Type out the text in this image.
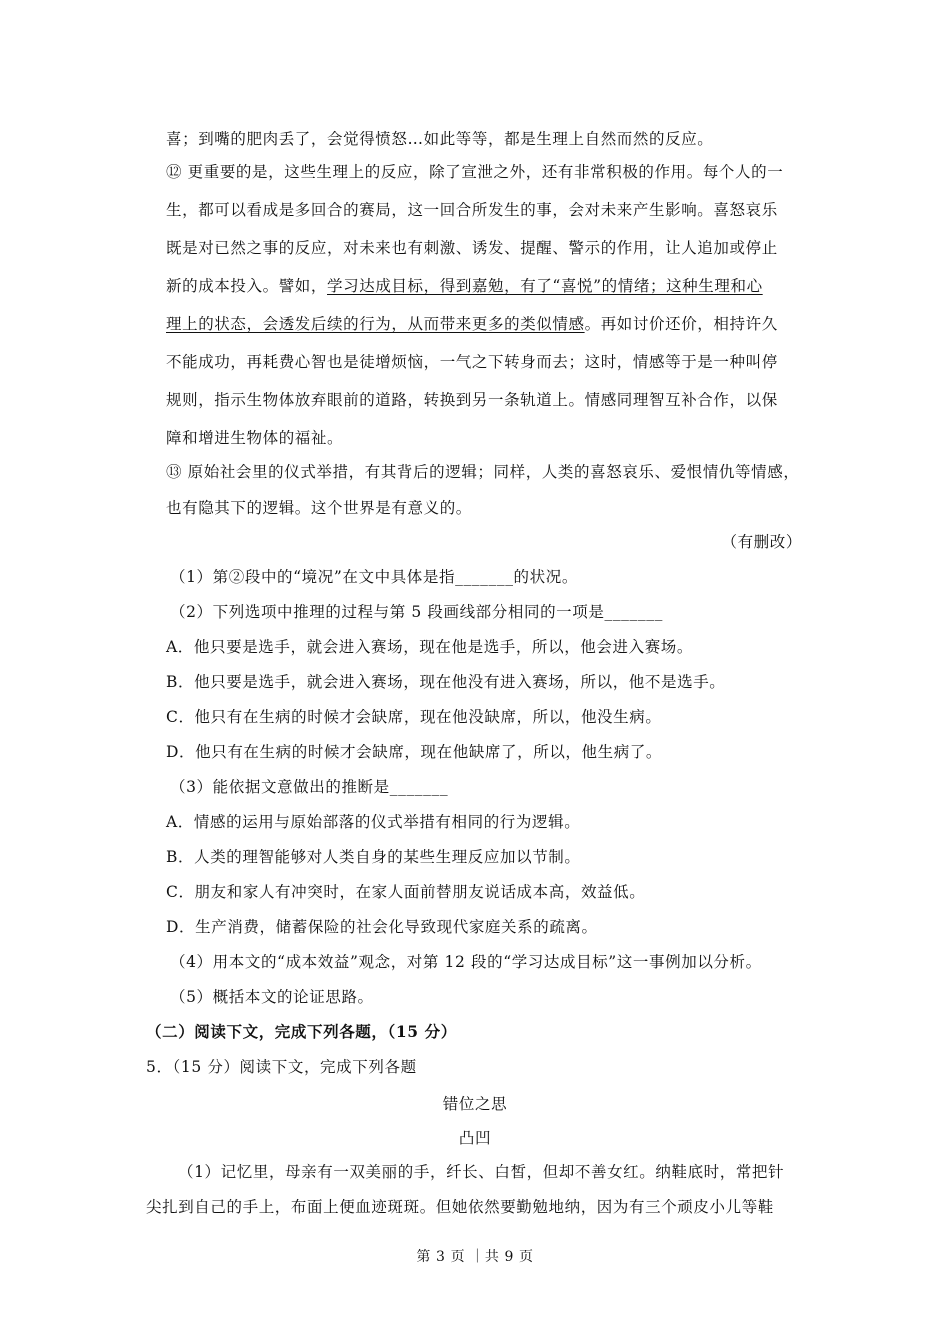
喜；到嘴的肥肉丢了，会觉得愤怒…如此等等，都是生理上自然而然的反应。
⑫ 更重要的是，这些生理上的反应，除了宣泄之外，还有非常积极的作用。每个人的一
生，都可以看成是多回合的赛局，这一回合所发生的事，会对未来产生影响。喜怒哀乐
既是对已然之事的反应，对未来也有刺激、诱发、提醒、警示的作用，让人追加或停止
新的成本投入。譬如，学习达成目标，得到嘉勉，有了“喜悦”的情绪；这种生理和心
理上的状态，会透发后续的行为，从而带来更多的类似情感。再如讨价还价，相持许久
不能成功，再耗费心智也是徒增烦恼，一气之下转身而去；这时，情感等于是一种叫停
规则，指示生物体放弃眼前的道路，转换到另一条轨道上。情感同理智互补合作，以保
障和增进生物体的福祉。
⑬ 原始社会里的仪式举措，有其背后的逻辑；同样，人类的喜怒哀乐、爱恨情仇等情感，
也有隐其下的逻辑。这个世界是有意义的。
（有删改）
（1）第②段中的“境况”在文中具体是指_______的状况。
（2）下列选项中推理的过程与第 5 段画线部分相同的一项是_______
A．他只要是选手，就会进入赛场，现在他是选手，所以，他会进入赛场。
B．他只要是选手，就会进入赛场，现在他没有进入赛场，所以，他不是选手。
C．他只有在生病的时候才会缺席，现在他没缺席，所以，他没生病。
D．他只有在生病的时候才会缺席，现在他缺席了，所以，他生病了。
（3）能依据文意做出的推断是_______
A．情感的运用与原始部落的仪式举措有相同的行为逻辑。
B．人类的理智能够对人类自身的某些生理反应加以节制。
C．朋友和家人有冲突时，在家人面前替朋友说话成本高，效益低。
D．生产消费，储蓄保险的社会化导致现代家庭关系的疏离。
（4）用本文的“成本效益”观念，对第 12 段的“学习达成目标”这一事例加以分析。
（5）概括本文的论证思路。
（二）阅读下文，完成下列各题，（15 分）
5．（15 分）阅读下文，完成下列各题
错位之思
凸凹
（1）记忆里，母亲有一双美丽的手，纤长、白皙，但却不善女红。纳鞋底时，常把针
尖扎到自己的手上，布面上便血迹斑斑。但她依然要勤勉地纳，因为有三个顽皮小儿等鞋
第 3 页 ｜共 9 页
